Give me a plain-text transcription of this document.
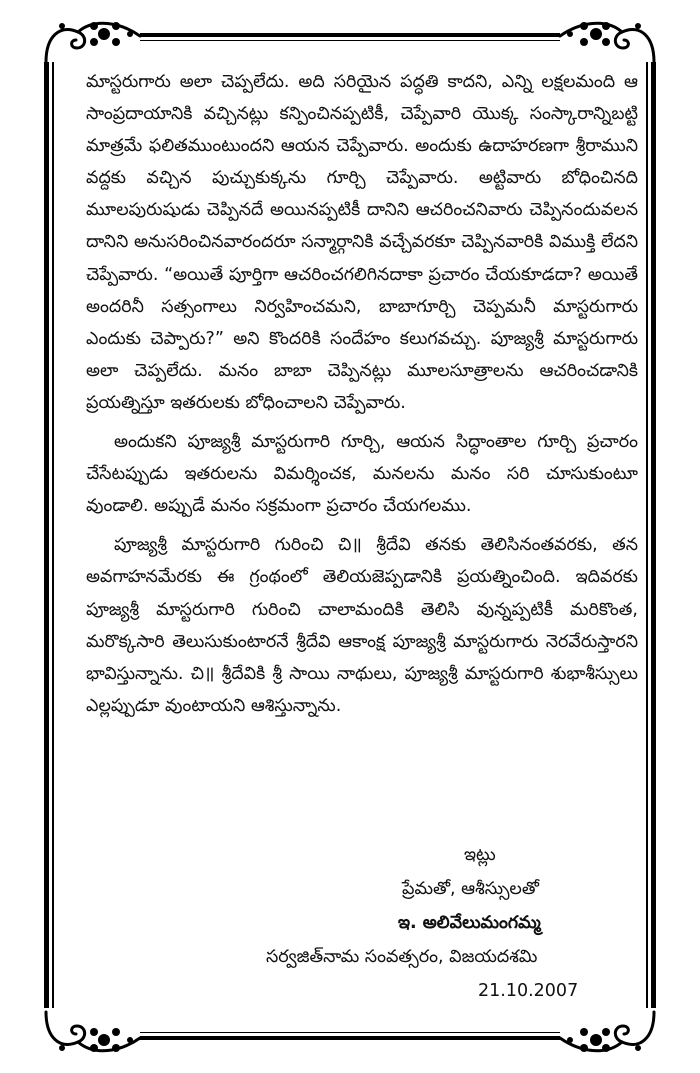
మాస్టరుగారు అలా చెప్పలేదు. అది సరియైన పద్ధతి కాదని, ఎన్ని లక్షలమంది ఆ సాంప్రదాయానికి వచ్చినట్లు కన్పించినప్పటికీ, చెప్పేవారి యొక్క సంస్కారాన్నిబట్టి మాత్రమే ఫలితముంటుందని ఆయన చెప్పేవారు. అందుకు ఉదాహరణగా శ్రీరాముని వద్దకు వచ్చిన పుచ్చుకుక్కను గూర్చి చెప్పేవారు. అట్టివారు బోధించినది మూలపురుషుడు చెప్పినదే అయినప్పటికీ దానిని ఆచరించనివారు చెప్పినందువలన దానిని అనుసరించినవారందరూ సన్మార్గానికి వచ్చేవరకూ చెప్పినవారికి విముక్తి లేదని చెప్పేవారు. “అయితే పూర్తిగా ఆచరించగలిగినదాకా ప్రచారం చేయకూడదా? అయితే అందరినీ సత్సంగాలు నిర్వహించమని, బాబాగూర్చి చెప్పమనీ మాస్టరుగారు ఎందుకు చెప్పారు?” అని కొందరికి సందేహం కలుగవచ్చు. పూజ్యశ్రీ మాస్టరుగారు అలా చెప్పలేదు. మనం బాబా చెప్పినట్లు మూలసూత్రాలను ఆచరించడానికి ప్రయత్నిస్తూ ఇతరులకు బోధించాలని చెప్పేవారు.

అందుకని పూజ్యశ్రీ మాస్టరుగారి గూర్చి, ఆయన సిద్ధాంతాల గూర్చి ప్రచారం చేసేటప్పుడు ఇతరులను విమర్శించక, మనలను మనం సరి చూసుకుంటూ వుండాలి. అప్పుడే మనం సక్రమంగా ప్రచారం చేయగలము.

పూజ్యశ్రీ మాస్టరుగారి గురించి చి॥ శ్రీదేవి తనకు తెలిసినంతవరకు, తన అవగాహనమేరకు ఈ గ్రంథంలో తెలియజెప్పడానికి ప్రయత్నించింది. ఇదివరకు పూజ్యశ్రీ మాస్టరుగారి గురించి చాలామందికి తెలిసి వున్నప్పటికీ మరికొంత, మరొక్కసారి తెలుసుకుంటారనే శ్రీదేవి ఆకాంక్ష పూజ్యశ్రీ మాస్టరుగారు నెరవేరుస్తారని భావిస్తున్నాను. చి॥ శ్రీదేవికి శ్రీ సాయి నాథులు, పూజ్యశ్రీ మాస్టరుగారి శుభాశీస్సులు ఎల్లప్పుడూ వుంటాయని ఆశిస్తున్నాను.

ఇట్లు
ప్రేమతో, ఆశీస్సులతో
ఇ. అలివేలుమంగమ్మ
సర్వజిత్‌నామ సంవత్సరం, విజయదశమి
21.10.2007
